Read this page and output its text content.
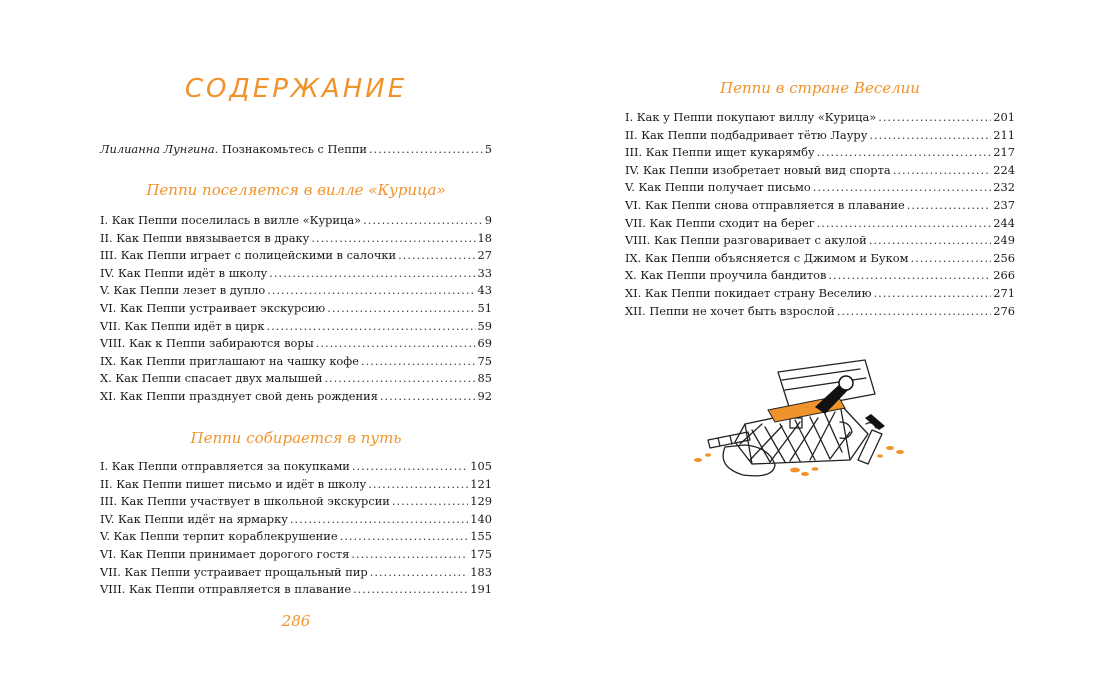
СОДЕРЖАНИЕ
Лилианна Лунгина. Познакомьтесь с Пеппи .....	5
Пеппи поселяется в вилле «Курица»
I. Как Пеппи поселилась в вилле «Курица» .....	9
II. Как Пеппи ввязывается в драку .....	18
III. Как Пеппи играет с полицейскими в салочки .....	27
IV. Как Пеппи идёт в школу .....	33
V. Как Пеппи лезет в дупло .....	43
VI. Как Пеппи устраивает экскурсию .....	51
VII. Как Пеппи идёт в цирк .....	59
VIII. Как к Пеппи забираются воры .....	69
IX. Как Пеппи приглашают на чашку кофе .....	75
X. Как Пеппи спасает двух малышей .....	85
XI. Как Пеппи празднует свой день рождения .....	92
Пеппи собирается в путь
I. Как Пеппи отправляется за покупками .....	105
II. Как Пеппи пишет письмо и идёт в школу .....	121
III. Как Пеппи участвует в школьной экскурсии .....	129
IV. Как Пеппи идёт на ярмарку .....	140
V. Как Пеппи терпит кораблекрушение .....	155
VI. Как Пеппи принимает дорогого гостя .....	175
VII. Как Пеппи устраивает прощальный пир .....	183
VIII. Как Пеппи отправляется в плавание .....	191
286
Пеппи в стране Веселии
I. Как у Пеппи покупают виллу «Курица» .....	201
II. Как Пеппи подбадривает тётю Лауру .....	211
III. Как Пеппи ищет кукарямбу .....	217
IV. Как Пеппи изобретает новый вид спорта .....	224
V. Как Пеппи получает письмо .....	232
VI. Как Пеппи снова отправляется в плавание .....	237
VII. Как Пеппи сходит на берег .....	244
VIII. Как Пеппи разговаривает с акулой .....	249
IX. Как Пеппи объясняется с Джимом и Буком .....	256
X. Как Пеппи проучила бандитов .....	266
XI. Как Пеппи покидает страну Веселию .....	271
XII. Пеппи не хочет быть взрослой .....	276
